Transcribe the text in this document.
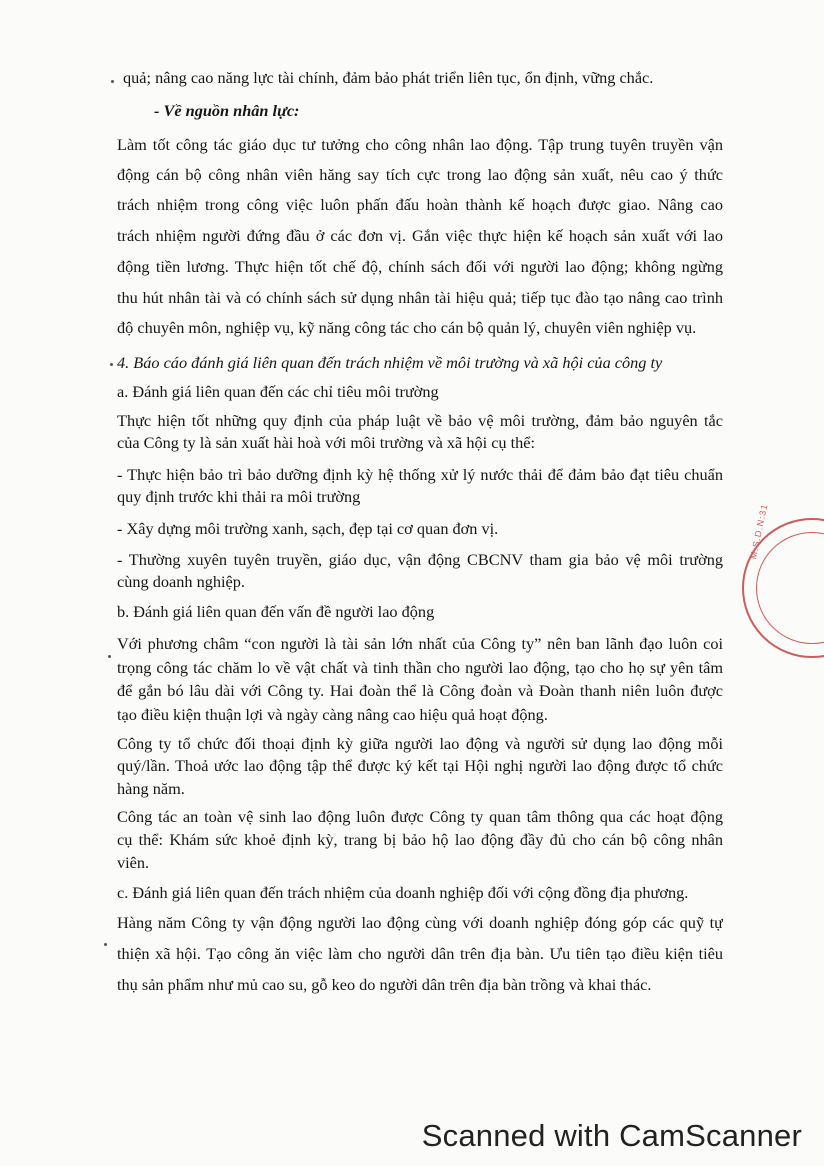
quả; nâng cao năng lực tài chính, đảm bảo phát triển liên tục, ổn định, vững chắc.
- Về nguồn nhân lực:
Làm tốt công tác giáo dục tư tưởng cho công nhân lao động. Tập trung tuyên truyền vận
động cán bộ công nhân viên hăng say tích cực trong lao động sản xuất, nêu cao ý thức
trách nhiệm trong công việc luôn phấn đấu hoàn thành kế hoạch được giao. Nâng cao
trách nhiệm người đứng đầu ở các đơn vị. Gắn việc thực hiện kế hoạch sản xuất với lao
động tiền lương. Thực hiện tốt chế độ, chính sách đối với người lao động; không ngừng
thu hút nhân tài và có chính sách sử dụng nhân tài hiệu quả; tiếp tục đào tạo nâng cao trình
độ chuyên môn, nghiệp vụ, kỹ năng công tác cho cán bộ quản lý, chuyên viên nghiệp vụ.
4. Báo cáo đánh giá liên quan đến trách nhiệm về môi trường và xã hội của công ty
a. Đánh giá liên quan đến các chỉ tiêu môi trường
Thực hiện tốt những quy định của pháp luật về bảo vệ môi trường, đảm bảo nguyên tắc
của Công ty là sản xuất hài hoà với môi trường và xã hội cụ thể:
- Thực hiện bảo trì bảo dưỡng định kỳ hệ thống xử lý nước thải để đảm bảo đạt tiêu chuẩn
quy định trước khi thải ra môi trường
- Xây dựng môi trường xanh, sạch, đẹp tại cơ quan đơn vị.
- Thường xuyên tuyên truyền, giáo dục, vận động CBCNV tham gia bảo vệ môi trường
cùng doanh nghiệp.
b. Đánh giá liên quan đến vấn đề người lao động
Với phương châm “con người là tài sản lớn nhất của Công ty” nên ban lãnh đạo luôn coi
trọng công tác chăm lo về vật chất và tinh thần cho người lao động, tạo cho họ sự yên tâm
để gắn bó lâu dài với Công ty. Hai đoàn thể là Công đoàn và Đoàn thanh niên luôn được
tạo điều kiện thuận lợi và ngày càng nâng cao hiệu quả hoạt động.
Công ty tổ chức đối thoại định kỳ giữa người lao động và người sử dụng lao động mỗi
quý/lần. Thoả ước lao động tập thể được ký kết tại Hội nghị người lao động được tổ chức
hàng năm.
Công tác an toàn vệ sinh lao động luôn được Công ty quan tâm thông qua các hoạt động
cụ thể: Khám sức khoẻ định kỳ, trang bị bảo hộ lao động đầy đủ cho cán bộ công nhân
viên.
c. Đánh giá liên quan đến trách nhiệm của doanh nghiệp đối với cộng đồng địa phương.
Hàng năm Công ty vận động người lao động cùng với doanh nghiệp đóng góp các quỹ tự
thiện xã hội. Tạo công ăn việc làm cho người dân trên địa bàn. Ưu tiên tạo điều kiện tiêu
thụ sản phẩm như mủ cao su, gỗ keo do người dân trên địa bàn trồng và khai thác.
M.S.D.N:31
Scanned with CamScanner
